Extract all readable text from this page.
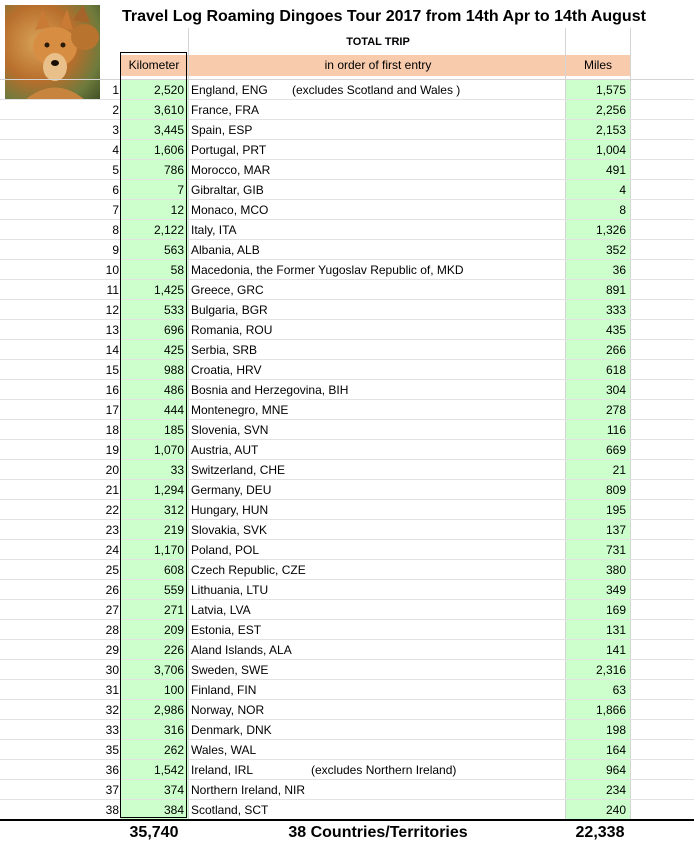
Travel Log Roaming Dingoes Tour 2017 from 14th Apr to 14th August
TOTAL TRIP
Kilometer	in order of first entry	Miles
1	2,520 England, ENG	1,575
(excludes Scotland and Wales )
2	3,610 France, FRA	2,256
3	3,445 Spain, ESP	2,153
4	1,606 Portugal, PRT	1,004
5	786 Morocco, MAR	491
6	7 Gibraltar, GIB	4
7	12 Monaco, MCO	8
8	2,122 Italy, ITA	1,326
9	563 Albania, ALB	352
10	58 Macedonia, the Former Yugoslav Republic of, MKD	36
11	1,425 Greece, GRC	891
12	533 Bulgaria, BGR	333
13	696 Romania, ROU	435
14	425 Serbia, SRB	266
15	988 Croatia, HRV	618
16	486 Bosnia and Herzegovina, BIH	304
17	444 Montenegro, MNE	278
18	185 Slovenia, SVN	116
19	1,070 Austria, AUT	669
20	33 Switzerland, CHE	21
21	1,294 Germany, DEU	809
22	312 Hungary, HUN	195
23	219 Slovakia, SVK	137
24	1,170 Poland, POL	731
25	608 Czech Republic, CZE	380
26	559 Lithuania, LTU	349
27	271 Latvia, LVA	169
28	209 Estonia, EST	131
29	226 Aland Islands, ALA	141
30	3,706 Sweden, SWE	2,316
31	100 Finland, FIN	63
32	2,986 Norway, NOR	1,866
33	316 Denmark, DNK	198
35	262 Wales, WAL	164
36	1,542 Ireland, IRL	964
(excludes Northern Ireland)
37	374 Northern Ireland, NIR	234
38	384 Scotland, SCT	240
35,740	38 Countries/Territories	22,338
